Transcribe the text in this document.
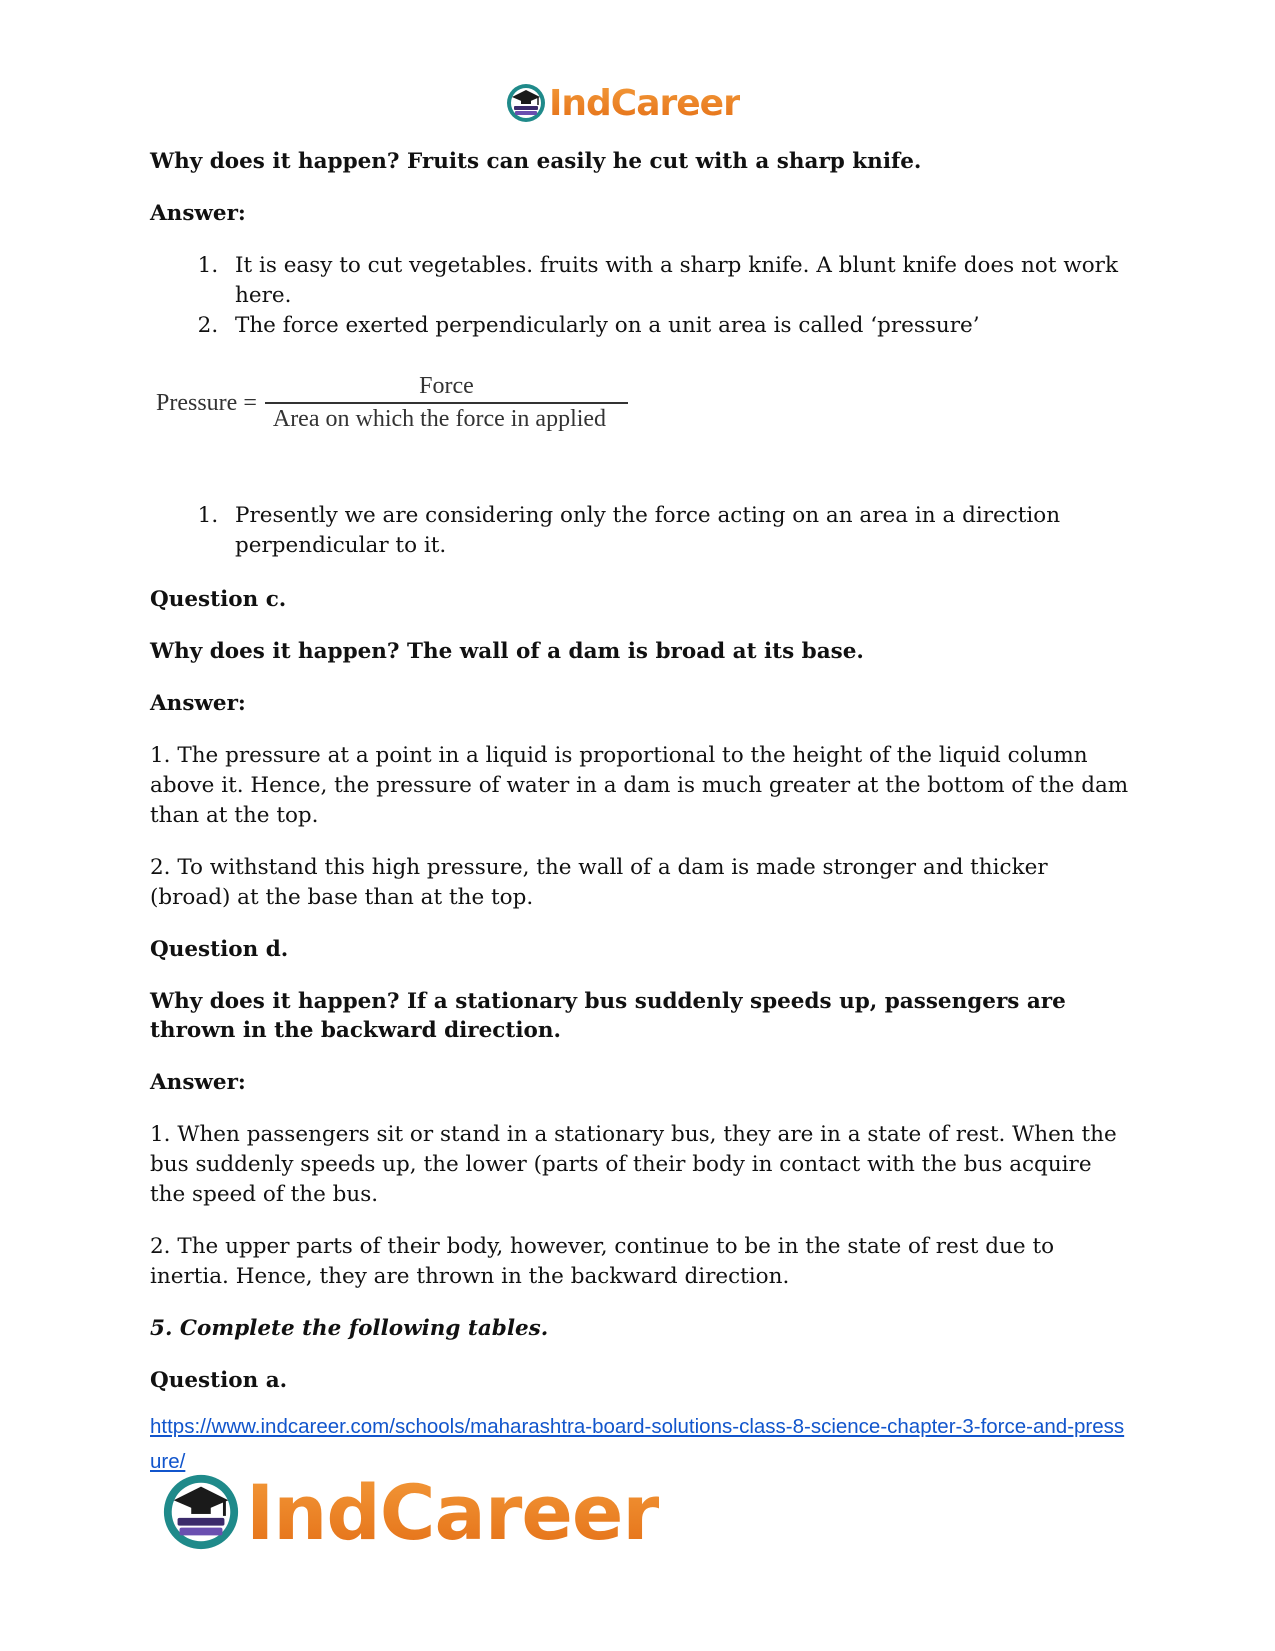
IndCareer
Why does it happen? Fruits can easily he cut with a sharp knife.
Answer:
1. It is easy to cut vegetables. fruits with a sharp knife. A blunt knife does not work here.
2. The force exerted perpendicularly on a unit area is called ‘pressure’
Pressure = $\frac{\text{Force}}{\text{Area on which the force in applied}}$
1. Presently we are considering only the force acting on an area in a direction perpendicular to it.
Question c.
Why does it happen? The wall of a dam is broad at its base.
Answer:
1. The pressure at a point in a liquid is proportional to the height of the liquid column above it. Hence, the pressure of water in a dam is much greater at the bottom of the dam than at the top.
2. To withstand this high pressure, the wall of a dam is made stronger and thicker (broad) at the base than at the top.
Question d.
Why does it happen? If a stationary bus suddenly speeds up, passengers are thrown in the backward direction.
Answer:
1. When passengers sit or stand in a stationary bus, they are in a state of rest. When the bus suddenly speeds up, the lower (parts of their body in contact with the bus acquire the speed of the bus.
2. The upper parts of their body, however, continue to be in the state of rest due to inertia. Hence, they are thrown in the backward direction.
5. Complete the following tables.
Question a.
https://www.indcareer.com/schools/maharashtra-board-solutions-class-8-science-chapter-3-force-and-pressure/
IndCareer
